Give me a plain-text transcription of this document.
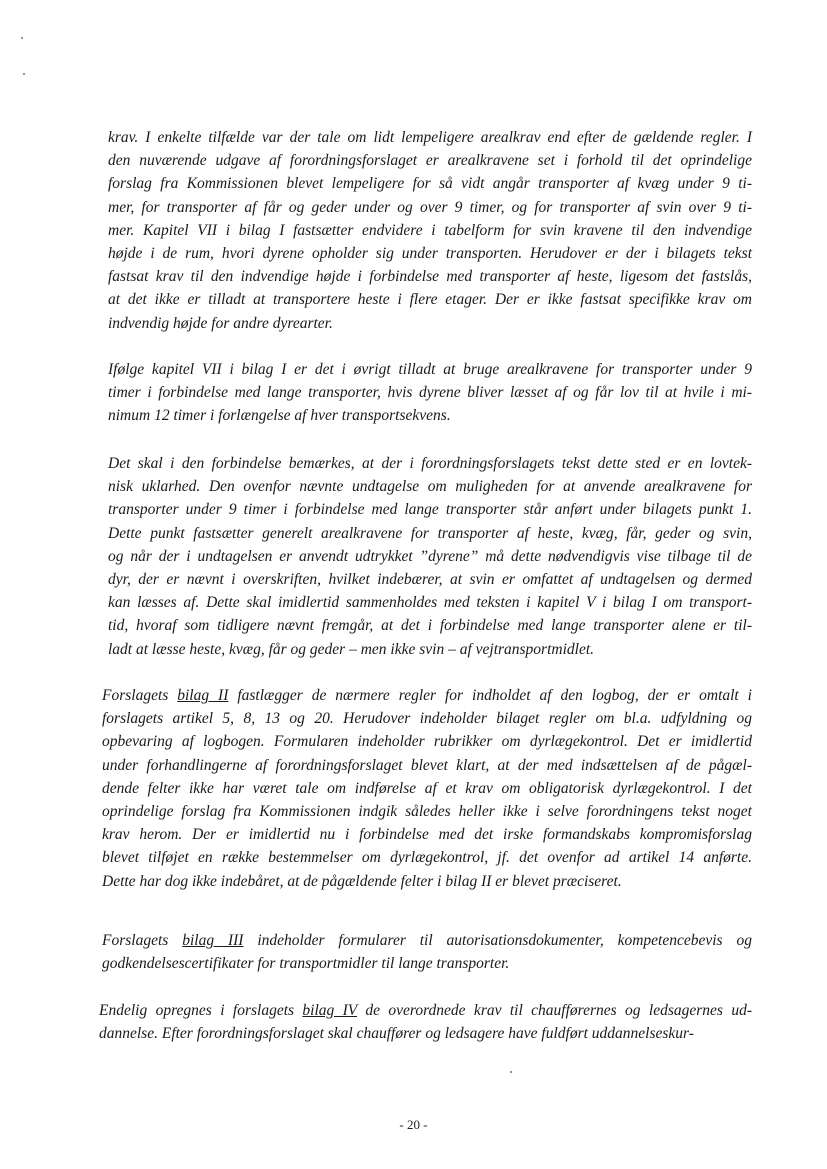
krav. I enkelte tilfælde var der tale om lidt lempeligere arealkrav end efter de gældende regler. I
den nuværende udgave af forordningsforslaget er arealkravene set i forhold til det oprindelige
forslag fra Kommissionen blevet lempeligere for så vidt angår transporter af kvæg under 9 ti-
mer, for transporter af får og geder under og over 9 timer, og for transporter af svin over 9 ti-
mer. Kapitel VII i bilag I fastsætter endvidere i tabelform for svin kravene til den indvendige
højde i de rum, hvori dyrene opholder sig under transporten. Herudover er der i bilagets tekst
fastsat krav til den indvendige højde i forbindelse med transporter af heste, ligesom det fastslås,
at det ikke er tilladt at transportere heste i flere etager. Der er ikke fastsat specifikke krav om
indvendig højde for andre dyrearter.
Ifølge kapitel VII i bilag I er det i øvrigt tilladt at bruge arealkravene for transporter under 9
timer i forbindelse med lange transporter, hvis dyrene bliver læsset af og får lov til at hvile i mi-
nimum 12 timer i forlængelse af hver transportsekvens.
Det skal i den forbindelse bemærkes, at der i forordningsforslagets tekst dette sted er en lovtek-
nisk uklarhed. Den ovenfor nævnte undtagelse om muligheden for at anvende arealkravene for
transporter under 9 timer i forbindelse med lange transporter står anført under bilagets punkt 1.
Dette punkt fastsætter generelt arealkravene for transporter af heste, kvæg, får, geder og svin,
og når der i undtagelsen er anvendt udtrykket ”dyrene” må dette nødvendigvis vise tilbage til de
dyr, der er nævnt i overskriften, hvilket indebærer, at svin er omfattet af undtagelsen og dermed
kan læsses af. Dette skal imidlertid sammenholdes med teksten i kapitel V i bilag I om transport-
tid, hvoraf som tidligere nævnt fremgår, at det i forbindelse med lange transporter alene er til-
ladt at læsse heste, kvæg, får og geder – men ikke svin – af vejtransportmidlet.
Forslagets bilag II fastlægger de nærmere regler for indholdet af den logbog, der er omtalt i
forslagets artikel 5, 8, 13 og 20. Herudover indeholder bilaget regler om bl.a. udfyldning og
opbevaring af logbogen. Formularen indeholder rubrikker om dyrlægekontrol. Det er imidlertid
under forhandlingerne af forordningsforslaget blevet klart, at der med indsættelsen af de pågæl-
dende felter ikke har været tale om indførelse af et krav om obligatorisk dyrlægekontrol. I det
oprindelige forslag fra Kommissionen indgik således heller ikke i selve forordningens tekst noget
krav herom. Der er imidlertid nu i forbindelse med det irske formandskabs kompromisforslag
blevet tilføjet en række bestemmelser om dyrlægekontrol, jf. det ovenfor ad artikel 14 anførte.
Dette har dog ikke indebåret, at de pågældende felter i bilag II er blevet præciseret.
Forslagets bilag III indeholder formularer til autorisationsdokumenter, kompetencebevis og
godkendelsescertifikater for transportmidler til lange transporter.
Endelig opregnes i forslagets bilag IV de overordnede krav til chaufførernes og ledsagernes ud-
dannelse. Efter forordningsforslaget skal chauffører og ledsagere have fuldført uddannelseskur-
- 20 -
